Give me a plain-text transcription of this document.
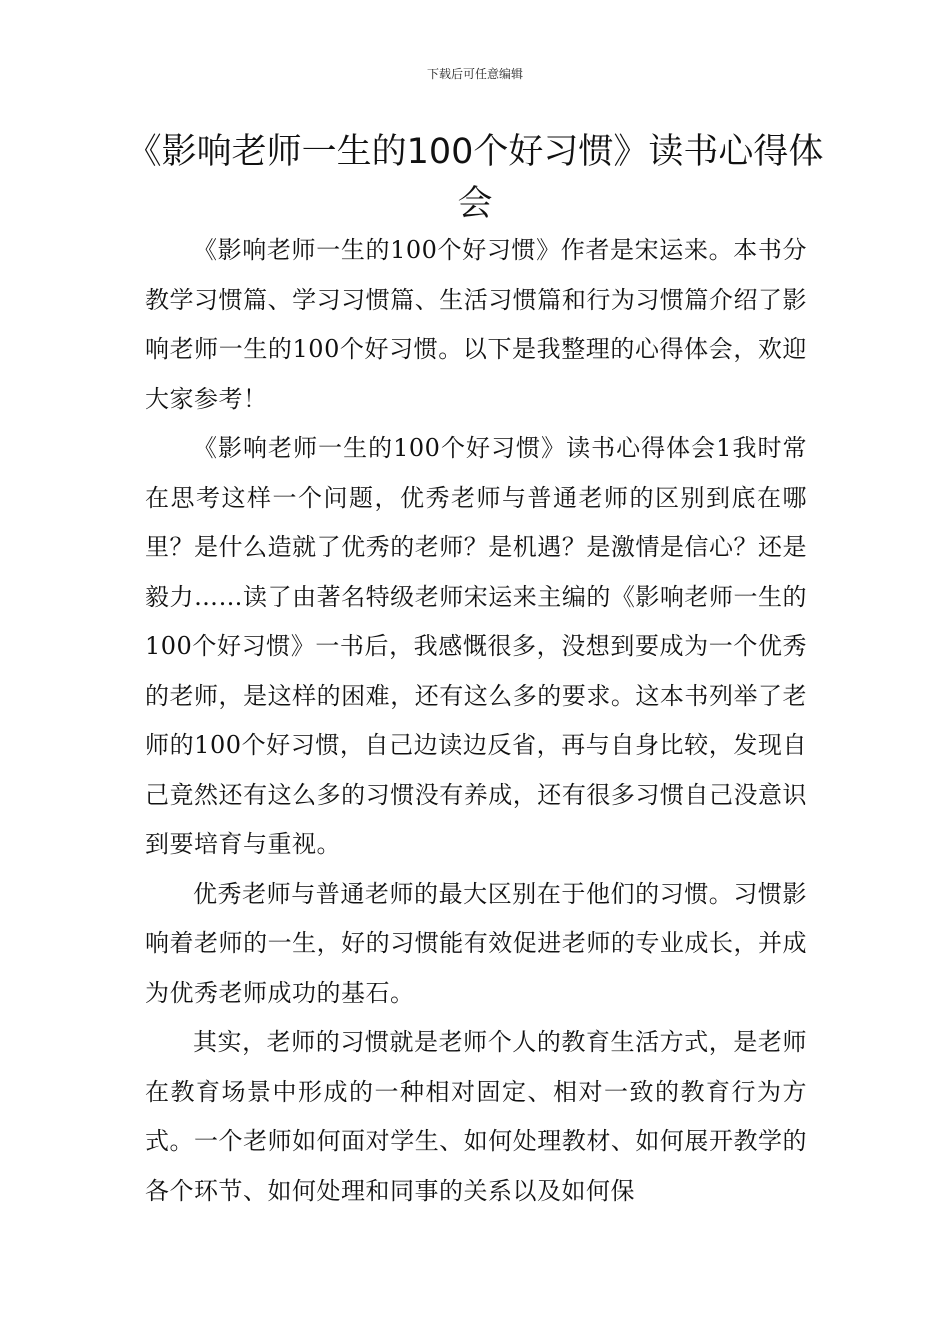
下载后可任意编辑
《影响老师一生的100个好习惯》读书心得体会

《影响老师一生的100个好习惯》作者是宋运来。本书分教学习惯篇、学习习惯篇、生活习惯篇和行为习惯篇介绍了影响老师一生的100个好习惯。以下是我整理的心得体会，欢迎大家参考！

《影响老师一生的100个好习惯》读书心得体会1我时常在思考这样一个问题，优秀老师与普通老师的区别到底在哪里？是什么造就了优秀的老师？是机遇？是激情是信心？还是毅力……读了由著名特级老师宋运来主编的《影响老师一生的100个好习惯》一书后，我感慨很多，没想到要成为一个优秀的老师，是这样的困难，还有这么多的要求。这本书列举了老师的100个好习惯，自己边读边反省，再与自身比较，发现自己竟然还有这么多的习惯没有养成，还有很多习惯自己没意识到要培育与重视。

优秀老师与普通老师的最大区别在于他们的习惯。习惯影响着老师的一生，好的习惯能有效促进老师的专业成长，并成为优秀老师成功的基石。

其实，老师的习惯就是老师个人的教育生活方式，是老师在教育场景中形成的一种相对固定、相对一致的教育行为方式。一个老师如何面对学生、如何处理教材、如何展开教学的各个环节、如何处理和同事的关系以及如何保
